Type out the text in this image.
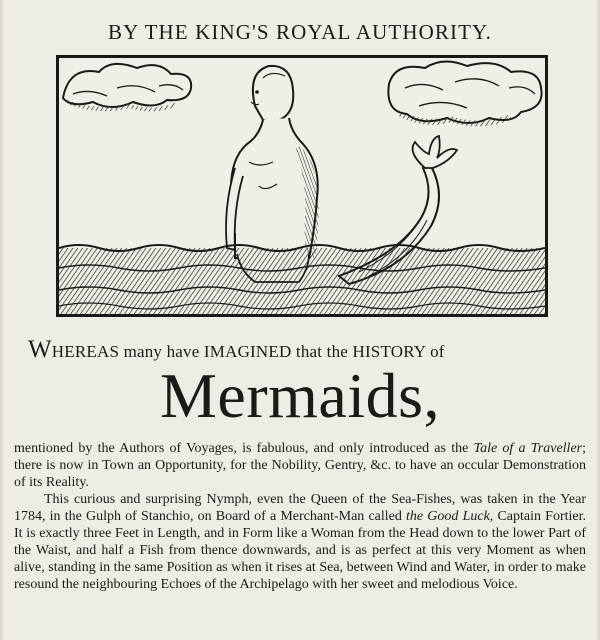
BY THE KING'S ROYAL AUTHORITY.
WHEREAS many have IMAGINED that the HISTORY of
Mermaids,

mentioned by the Authors of Voyages, is fabulous, and only introduced as the Tale of a Traveller; there is now in Town an Opportunity, for the Nobility, Gentry, &c. to have an occular Demonstration of its Reality.

This curious and surprising Nymph, even the Queen of the Sea-Fishes, was taken in the Year 1784, in the Gulph of Stanchio, on Board of a Merchant-Man called the Good Luck, Captain Fortier. It is exactly three Feet in Length, and in Form like a Woman from the Head down to the lower Part of the Waist, and half a Fish from thence downwards, and is as perfect at this very Moment as when alive, standing in the same Position as when it rises at Sea, between Wind and Water, in order to make resound the neighbouring Echoes of the Archipelago with her sweet and melodious Voice.
